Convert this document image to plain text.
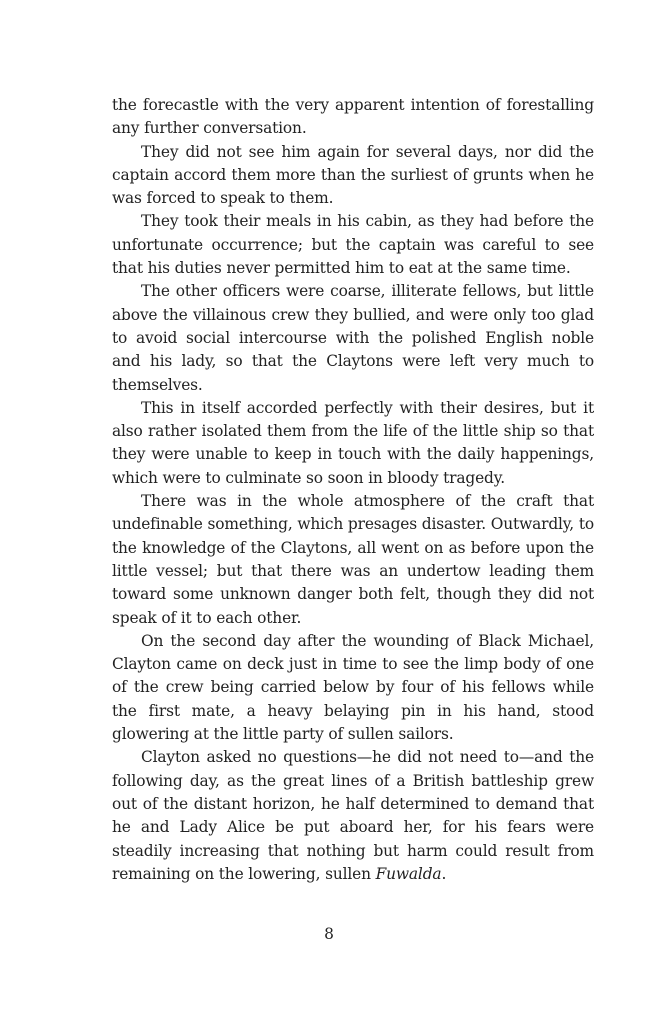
the forecastle with the very apparent intention of forestalling any further conversation.

They did not see him again for several days, nor did the captain accord them more than the surliest of grunts when he was forced to speak to them.

They took their meals in his cabin, as they had before the unfortunate occurrence; but the captain was careful to see that his duties never permitted him to eat at the same time.

The other officers were coarse, illiterate fellows, but little above the villainous crew they bullied, and were only too glad to avoid social intercourse with the polished English noble and his lady, so that the Claytons were left very much to themselves.

This in itself accorded perfectly with their desires, but it also rather isolated them from the life of the little ship so that they were unable to keep in touch with the daily happenings, which were to culminate so soon in bloody tragedy.

There was in the whole atmosphere of the craft that undefinable something, which presages disaster. Outwardly, to the knowledge of the Claytons, all went on as before upon the little vessel; but that there was an undertow leading them toward some unknown danger both felt, though they did not speak of it to each other.

On the second day after the wounding of Black Michael, Clayton came on deck just in time to see the limp body of one of the crew being carried below by four of his fellows while the first mate, a heavy belaying pin in his hand, stood glowering at the little party of sullen sailors.

Clayton asked no questions—he did not need to—and the following day, as the great lines of a British battleship grew out of the distant horizon, he half determined to demand that he and Lady Alice be put aboard her, for his fears were steadily increasing that nothing but harm could result from remaining on the lowering, sullen Fuwalda.

8
